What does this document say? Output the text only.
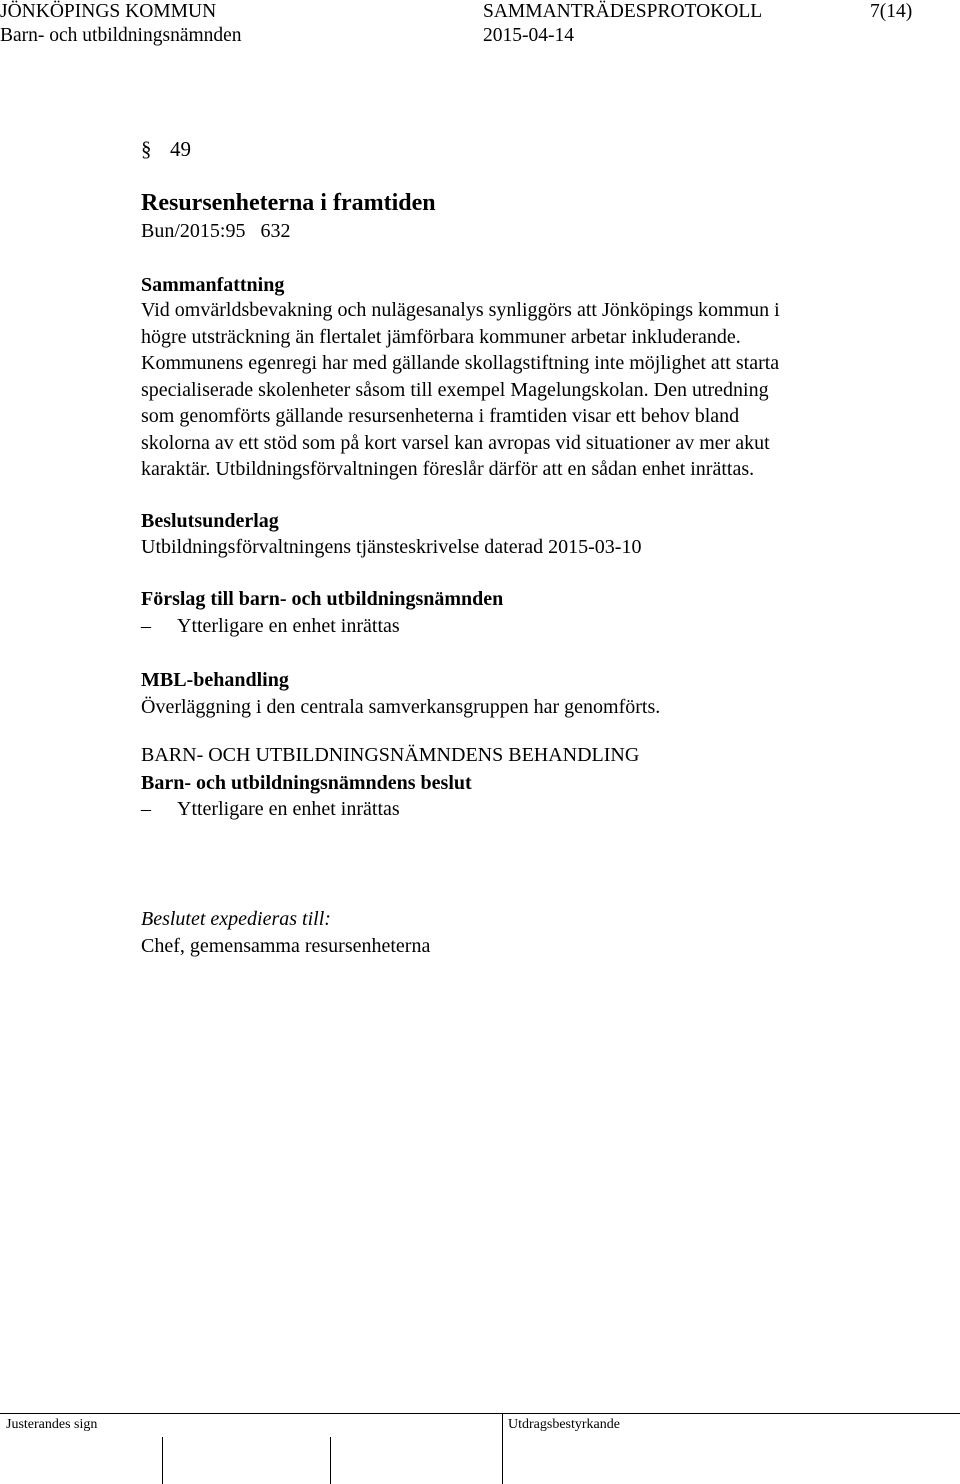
JÖNKÖPINGS KOMMUN	SAMMANTRÄDESPROTOKOLL	7(14)
Barn- och utbildningsnämnden	2015-04-14
§ 49
Resursenheterna i framtiden
Bun/2015:95   632
Sammanfattning
Vid omvärldsbevakning och nulägesanalys synliggörs att Jönköpings kommun i
högre utsträckning än flertalet jämförbara kommuner arbetar inkluderande.
Kommunens egenregi har med gällande skollagstiftning inte möjlighet att starta
specialiserade skolenheter såsom till exempel Magelungskolan. Den utredning
som genomförts gällande resursenheterna i framtiden visar ett behov bland
skolorna av ett stöd som på kort varsel kan avropas vid situationer av mer akut
karaktär. Utbildningsförvaltningen föreslår därför att en sådan enhet inrättas.
Beslutsunderlag
Utbildningsförvaltningens tjänsteskrivelse daterad 2015-03-10
Förslag till barn- och utbildningsnämnden
– Ytterligare en enhet inrättas
MBL-behandling
Överläggning i den centrala samverkansgruppen har genomförts.
BARN- OCH UTBILDNINGSNÄMNDENS BEHANDLING
Barn- och utbildningsnämndens beslut
– Ytterligare en enhet inrättas
Beslutet expedieras till:
Chef, gemensamma resursenheterna
Justerandes sign	Utdragsbestyrkande
